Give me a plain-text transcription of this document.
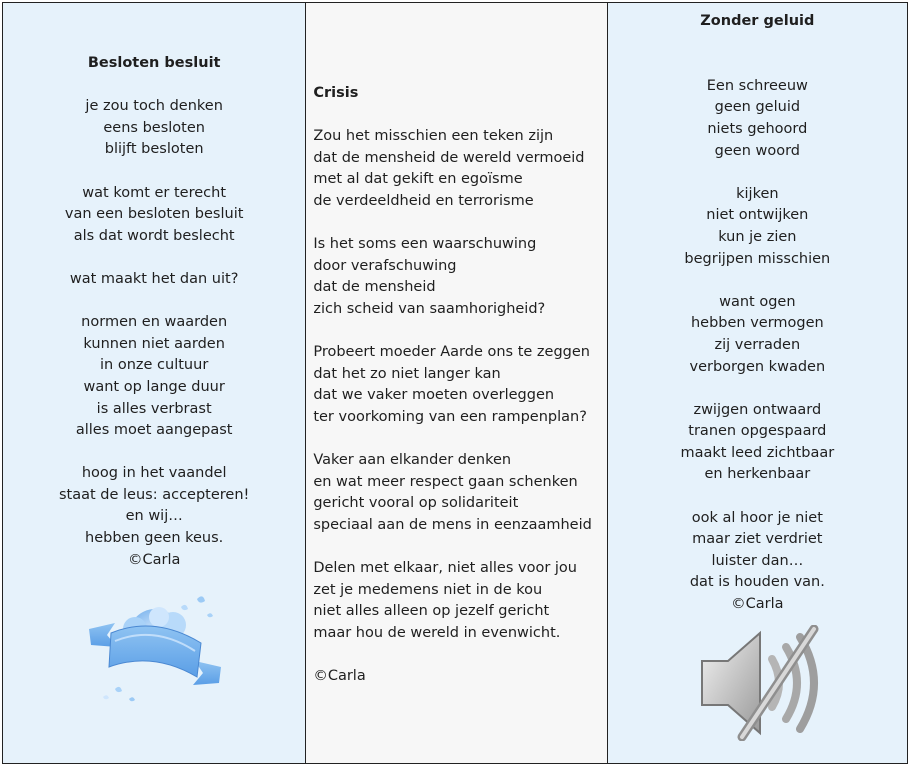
Besloten besluit
je zou toch denken
eens besloten
blijft besloten
wat komt er terecht
van een besloten besluit
als dat wordt beslecht
wat maakt het dan uit?
normen en waarden
kunnen niet aarden
in onze cultuur
want op lange duur
is alles verbrast
alles moet aangepast
hoog in het vaandel
staat de leus: accepteren!
en wij…
hebben geen keus.
©Carla
Crisis
Zou het misschien een teken zijn
dat de mensheid de wereld vermoeid
met al dat gekift en egoïsme
de verdeeldheid en terrorisme
Is het soms een waarschuwing
door verafschuwing
dat de mensheid
zich scheid van saamhorigheid?
Probeert moeder Aarde ons te zeggen
dat het zo niet langer kan
dat we vaker moeten overleggen
ter voorkoming van een rampenplan?
Vaker aan elkander denken
en wat meer respect gaan schenken
gericht vooral op solidariteit
speciaal aan de mens in eenzaamheid
Delen met elkaar, niet alles voor jou
zet je medemens niet in de kou
niet alles alleen op jezelf gericht
maar hou de wereld in evenwicht.
©Carla
Zonder geluid
Een schreeuw
geen geluid
niets gehoord
geen woord
kijken
niet ontwijken
kun je zien
begrijpen misschien
want ogen
hebben vermogen
zij verraden
verborgen kwaden
zwijgen ontwaard
tranen opgespaard
maakt leed zichtbaar
en herkenbaar
ook al hoor je niet
maar ziet verdriet
luister dan…
dat is houden van.
©Carla
